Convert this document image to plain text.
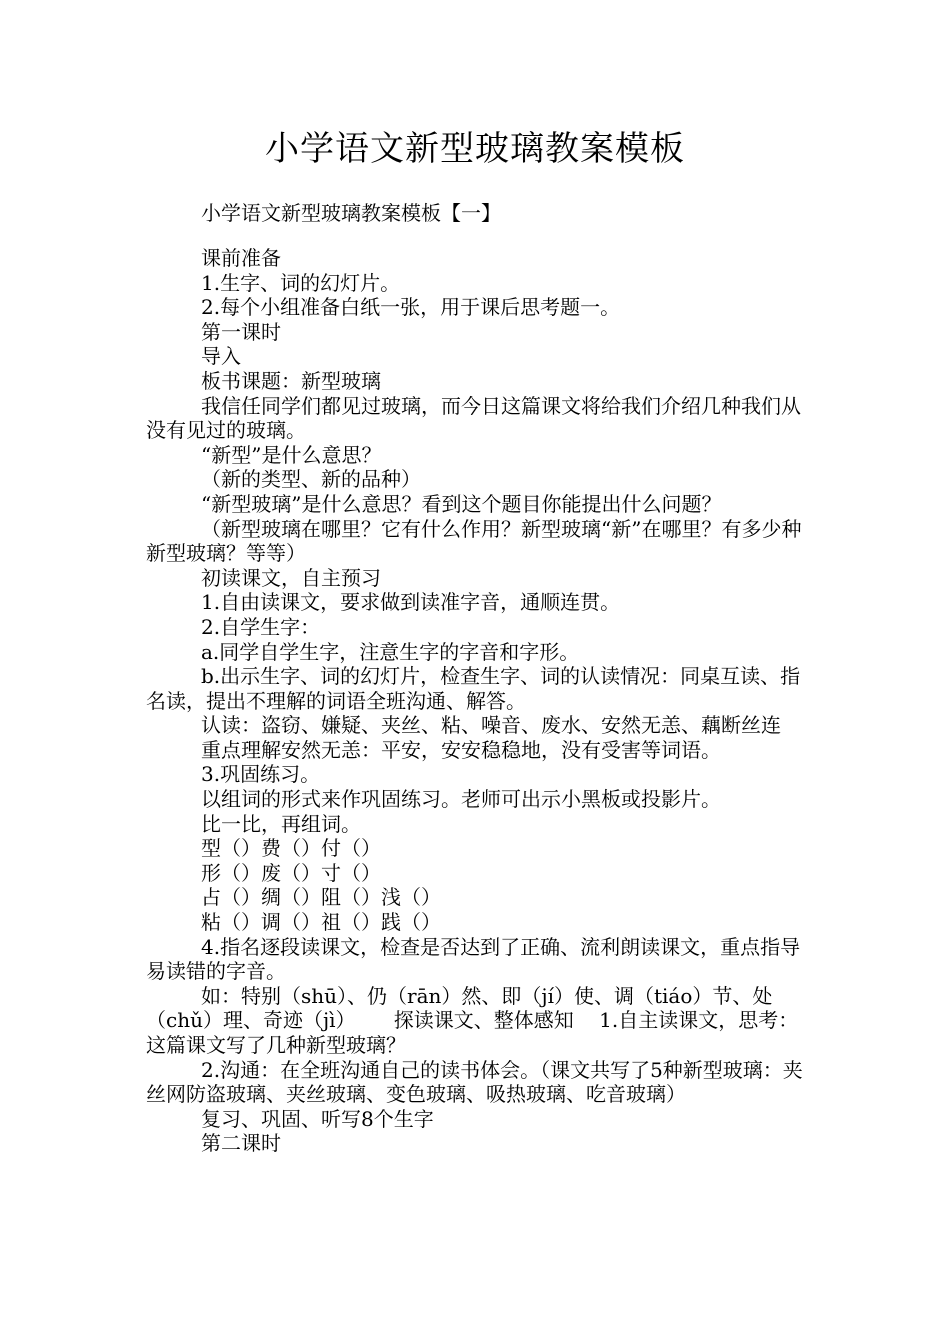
小学语文新型玻璃教案模板
小学语文新型玻璃教案模板【一】

课前准备

1.生字、词的幻灯片。

2.每个小组准备白纸一张，用于课后思考题一。

第一课时

导入

板书课题：新型玻璃

我信任同学们都见过玻璃，而今日这篇课文将给我们介绍几种我们从没有见过的玻璃。

“新型”是什么意思？

（新的类型、新的品种）

“新型玻璃”是什么意思？看到这个题目你能提出什么问题？

（新型玻璃在哪里？它有什么作用？新型玻璃“新”在哪里？有多少种新型玻璃？等等）

初读课文，自主预习

1.自由读课文，要求做到读准字音，通顺连贯。

2.自学生字：

a.同学自学生字，注意生字的字音和字形。

b.出示生字、词的幻灯片，检查生字、词的认读情况：同桌互读、指名读，提出不理解的词语全班沟通、解答。

认读：盗窃、嫌疑、夹丝、粘、噪音、废水、安然无恙、藕断丝连

重点理解安然无恙：平安，安安稳稳地，没有受害等词语。

3.巩固练习。

以组词的形式来作巩固练习。老师可出示小黑板或投影片。

比一比，再组词。

型（）费（）付（）

形（）废（）寸（）

占（）绸（）阻（）浅（）

粘（）调（）祖（）践（）

4.指名逐段读课文，检查是否达到了正确、流利朗读课文，重点指导易读错的字音。

如：特别（shū）、仍（rān）然、即（jí）使、调（tiáo）节、处（chǔ）理、奇迹（jì）      探读课文、整体感知    1.自主读课文，思考：这篇课文写了几种新型玻璃？

2.沟通：在全班沟通自己的读书体会。（课文共写了5种新型玻璃：夹丝网防盗玻璃、夹丝玻璃、变色玻璃、吸热玻璃、吃音玻璃）

复习、巩固、听写8个生字

第二课时
